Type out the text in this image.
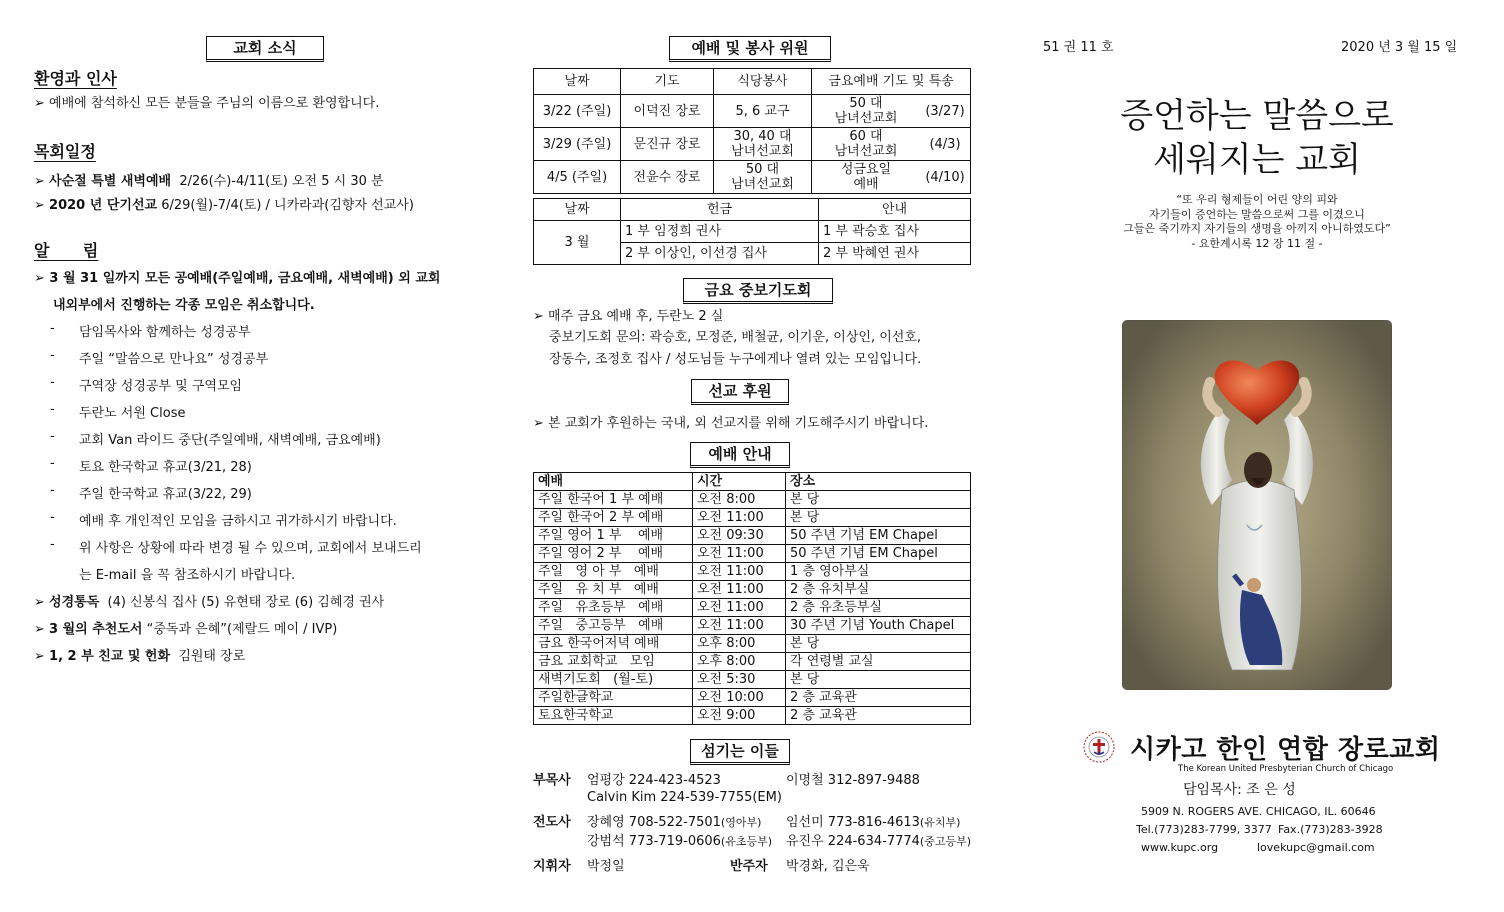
교회 소식
환영과 인사
➢ 예배에 참석하신 모든 분들을 주님의 이름으로 환영합니다.
목회일정
➢ 사순절 특별 새벽예배 2/26(수)-4/11(토) 오전 5 시 30 분
➢ 2020 년 단기선교 6/29(월)-7/4(토) / 니카라과(김향자 선교사)
알      림
➢ 3 월 31 일까지 모든 공예배(주일예배, 금요예배, 새벽예배) 외 교회
내외부에서 진행하는 각종 모임은 취소합니다.
- 담임목사와 함께하는 성경공부
- 주일 “말씀으로 만나요” 성경공부
- 구역장 성경공부 및 구역모임
- 두란노 서원 Close
- 교회 Van 라이드 중단(주일예배, 새벽예배, 금요예배)
- 토요 한국학교 휴교(3/21, 28)
- 주일 한국학교 휴교(3/22, 29)
- 예배 후 개인적인 모임을 금하시고 귀가하시기 바랍니다.
- 위 사항은 상황에 따라 변경 될 수 있으며, 교회에서 보내드리
는 E-mail 을 꼭 참조하시기 바랍니다.
➢ 성경통독 (4) 신봉식 집사 (5) 유현태 장로 (6) 김혜경 권사
➢ 3 월의 추천도서 “중독과 은혜”(제랄드 메이 / IVP)
➢ 1, 2 부 친교 및 헌화 김원태 장로
예배 및 봉사 위원
날짜	기도	식당봉사	금요예배 기도 및 특송
3/22 (주일)	이덕진 장로	5, 6 교구	50 대
남녀선교회 (3/27)

3/29 (주일)	문진규 장로	30, 40 대
남녀선교회	60 대
남녀선교회 (4/3)

4/5 (주일)	전윤수 장로	50 대
남녀선교회	성금요일
예배 (4/10)
날짜	헌금	안내
3 월	1 부 임정희 권사	1 부 곽승호 집사
	2 부 이상인, 이선경 집사	2 부 박혜연 권사
금요 중보기도회
➢ 매주 금요 예배 후, 두란노 2 실
중보기도회 문의: 곽승호, 모정준, 배철균, 이기운, 이상인, 이선호,
장동수, 조정호 집사 / 성도님들 누구에게나 열려 있는 모임입니다.
선교 후원
➢ 본 교회가 후원하는 국내, 외 선교지를 위해 기도해주시기 바랍니다.
예배 안내
예배	시간	장소
주일 한국어 1 부 예배	오전 8:00	본 당
주일 한국어 2 부 예배	오전 11:00	본 당
주일 영어 1 부    예배	오전 09:30	50 주년 기념 EM Chapel
주일 영어 2 부    예배	오전 11:00	50 주년 기념 EM Chapel
주일   영 아 부   예배	오전 11:00	1 층 영아부실
주일   유 치 부   예배	오전 11:00	2 층 유치부실
주일   유초등부   예배	오전 11:00	2 층 유초등부실
주일   중고등부   예배	오전 11:00	30 주년 기념 Youth Chapel
금요 한국어저녁 예배	오후 8:00	본 당
금요 교회학교   모임	오후 8:00	각 연령별 교실
새벽기도회   (월-토)	오전 5:30	본 당
주일한글학교	오전 10:00	2 층 교육관
토요한국학교	오전 9:00	2 층 교육관
섬기는 이들
부목사 엄평강 224-423-4523	이명철 312-897-9488
Calvin Kim 224-539-7755(EM)
전도사 장혜영 708-522-7501(영아부) 임선미 773-816-4613(유치부)
강범석 773-719-0606(유초등부) 유진우 224-634-7774(중고등부)
지휘자 박정일	반주자 박경화, 김은욱
51 권 11 호	2020 년 3 월 15 일
증언하는 말씀으로
세워지는 교회
“또 우리 형제들이 어린 양의 피와
자기들이 증언하는 말씀으로써 그를 이겼으니
그들은 죽기까지 자기들의 생명을 아끼지 아니하였도다”
- 요한계시록 12 장 11 절 -
시카고 한인 연합 장로교회
The Korean United Presbyterian Church of Chicago
담임목사: 조 은 성
5909 N. ROGERS AVE. CHICAGO, IL. 60646
Tel.(773)283-7799, 3377 Fax.(773)283-3928
www.kupc.org	lovekupc@gmail.com
